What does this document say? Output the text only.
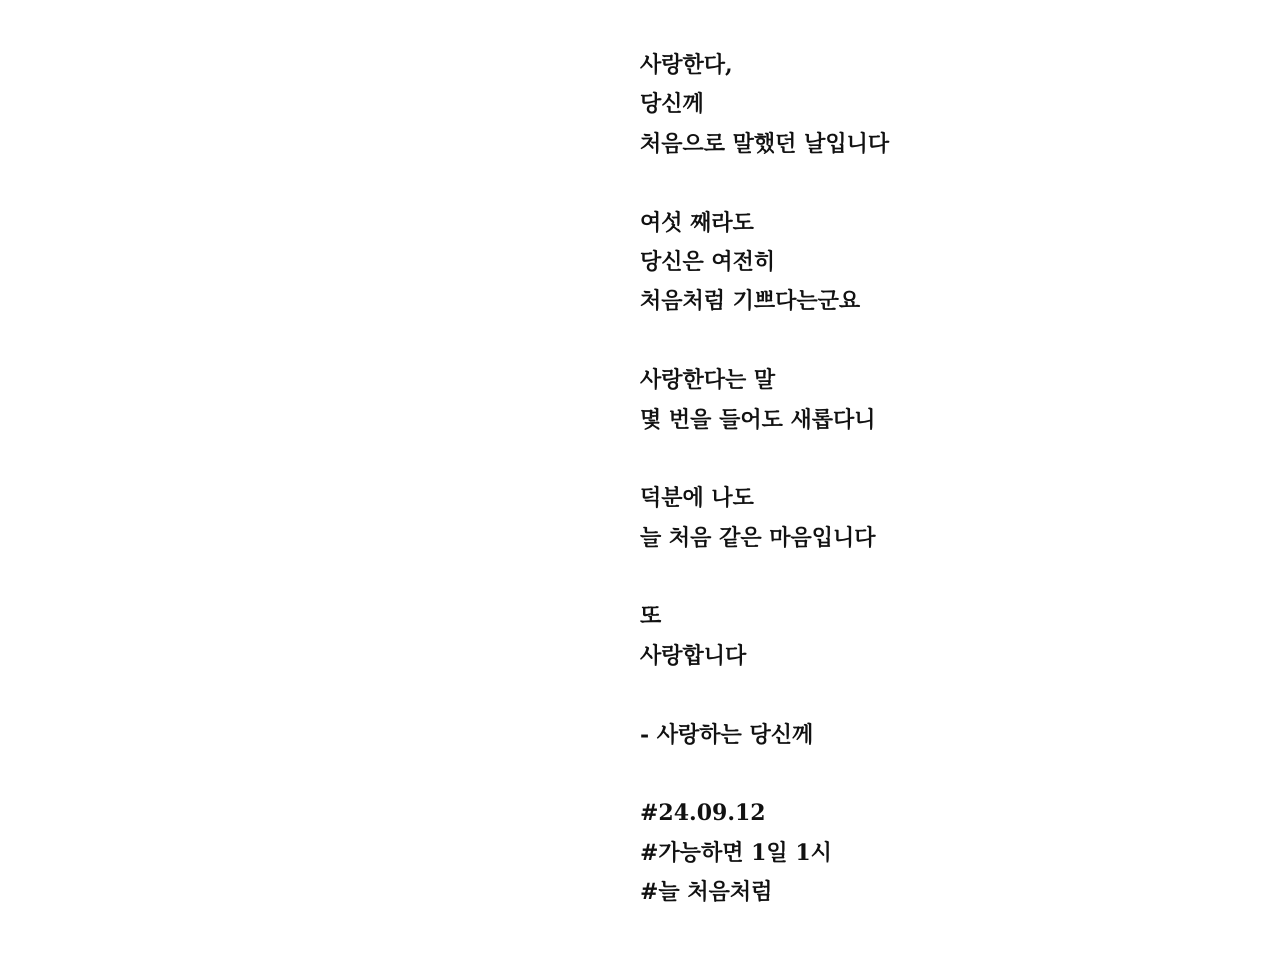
사랑한다,
당신께
처음으로 말했던 날입니다
여섯 째라도
당신은 여전히
처음처럼 기쁘다는군요
사랑한다는 말
몇 번을 들어도 새롭다니
덕분에 나도
늘 처음 같은 마음입니다
또
사랑합니다
- 사랑하는 당신께
#24.09.12
#가능하면 1일 1시
#늘 처음처럼
